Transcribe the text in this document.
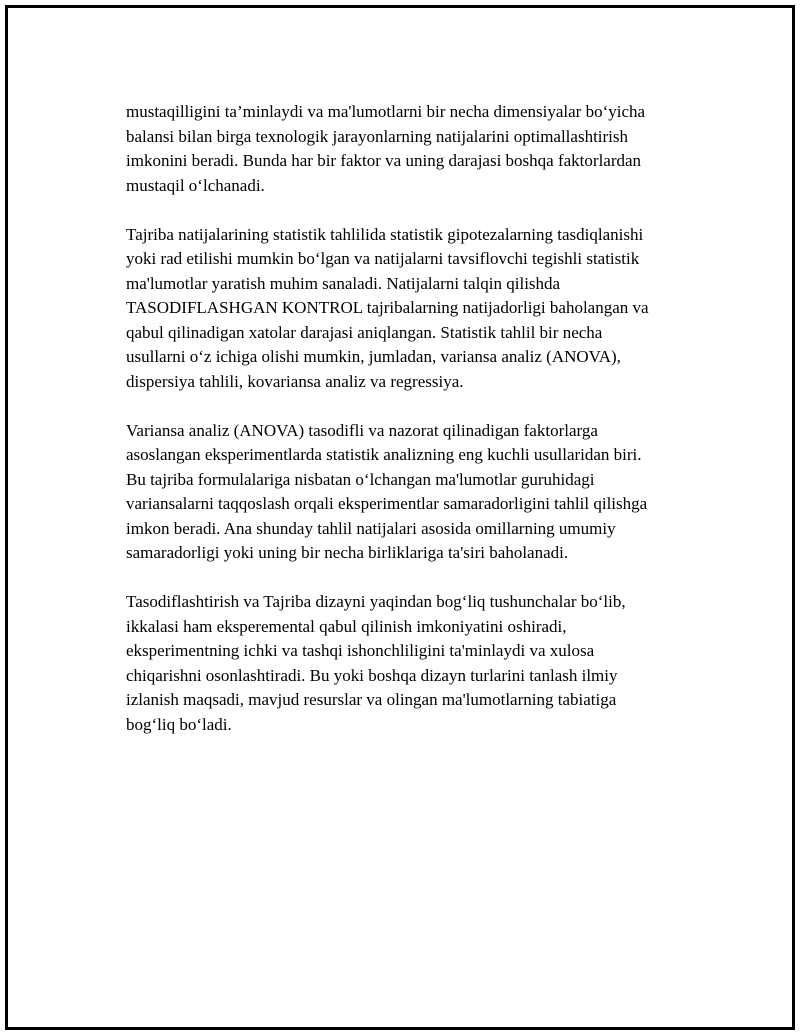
mustaqilligini ta’minlaydi va ma'lumotlarni bir necha dimensiyalar bo‘yicha
balansi bilan birga texnologik jarayonlarning natijalarini optimallashtirish
imkonini beradi. Bunda har bir faktor va uning darajasi boshqa faktorlardan
mustaqil o‘lchanadi.

Tajriba natijalarining statistik tahlilida statistik gipotezalarning tasdiqlanishi
yoki rad etilishi mumkin bo‘lgan va natijalarni tavsiflovchi tegishli statistik
ma'lumotlar yaratish muhim sanaladi. Natijalarni talqin qilishda
TASODIFLASHGAN KONTROL tajribalarning natijadorligi baholangan va
qabul qilinadigan xatolar darajasi aniqlangan. Statistik tahlil bir necha
usullarni o‘z ichiga olishi mumkin, jumladan, variansa analiz (ANOVA),
dispersiya tahlili, kovariansa analiz va regressiya.

Variansa analiz (ANOVA) tasodifli va nazorat qilinadigan faktorlarga
asoslangan eksperimentlarda statistik analizning eng kuchli usullaridan biri.
Bu tajriba formulalariga nisbatan o‘lchangan ma'lumotlar guruhidagi
variansalarni taqqoslash orqali eksperimentlar samaradorligini tahlil qilishga
imkon beradi. Ana shunday tahlil natijalari asosida omillarning umumiy
samaradorligi yoki uning bir necha birliklariga ta'siri baholanadi.

Tasodiflashtirish va Tajriba dizayni yaqindan bog‘liq tushunchalar bo‘lib,
ikkalasi ham eksperemental qabul qilinish imkoniyatini oshiradi,
eksperimentning ichki va tashqi ishonchliligini ta'minlaydi va xulosa
chiqarishni osonlashtiradi. Bu yoki boshqa dizayn turlarini tanlash ilmiy
izlanish maqsadi, mavjud resurslar va olingan ma'lumotlarning tabiatiga
bog‘liq bo‘ladi.
